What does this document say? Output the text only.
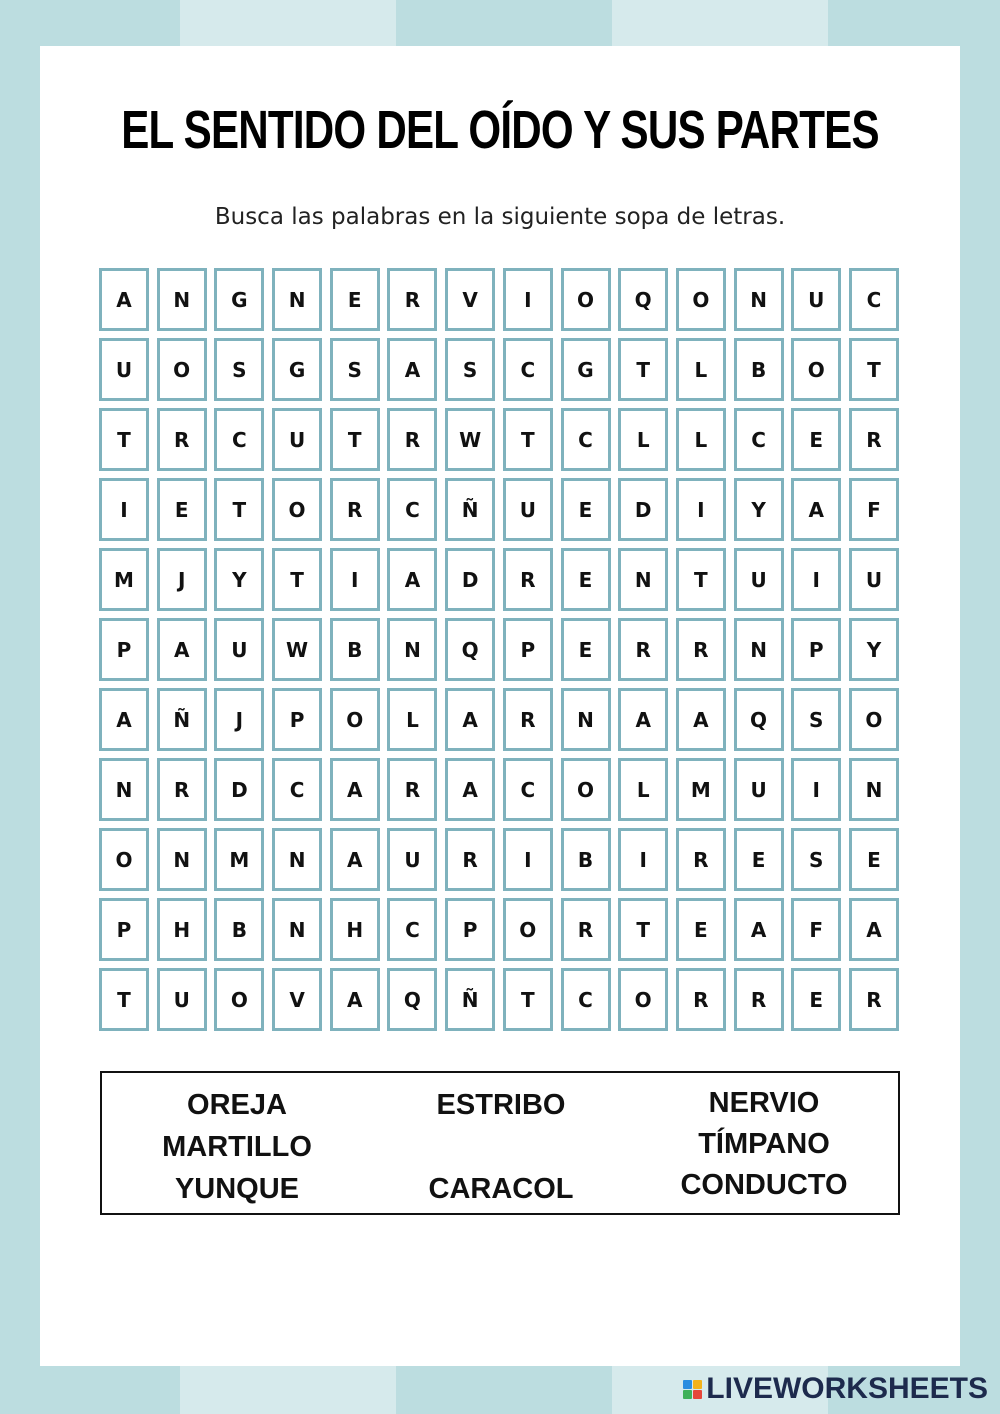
EL SENTIDO DEL OÍDO Y SUS PARTES

Busca las palabras en la siguiente sopa de letras.

A	N	G	N	E	R	V	I	O	Q	O	N	U	C
U	O	S	G	S	A	S	C	G	T	L	B	O	T
T	R	C	U	T	R	W	T	C	L	L	C	E	R
I	E	T	O	R	C	Ñ	U	E	D	I	Y	A	F
M	J	Y	T	I	A	D	R	E	N	T	U	I	U
P	A	U	W	B	N	Q	P	E	R	R	N	P	Y
A	Ñ	J	P	O	L	A	R	N	A	A	Q	S	O
N	R	D	C	A	R	A	C	O	L	M	U	I	N
O	N	M	N	A	U	R	I	B	I	R	E	S	E
P	H	B	N	H	C	P	O	R	T	E	A	F	A
T	U	O	V	A	Q	Ñ	T	C	O	R	R	E	R
OREJA
MARTILLO
YUNQUE
ESTRIBO
CARACOL
NERVIO
TÍMPANO
CONDUCTO
LIVEWORKSHEETS
